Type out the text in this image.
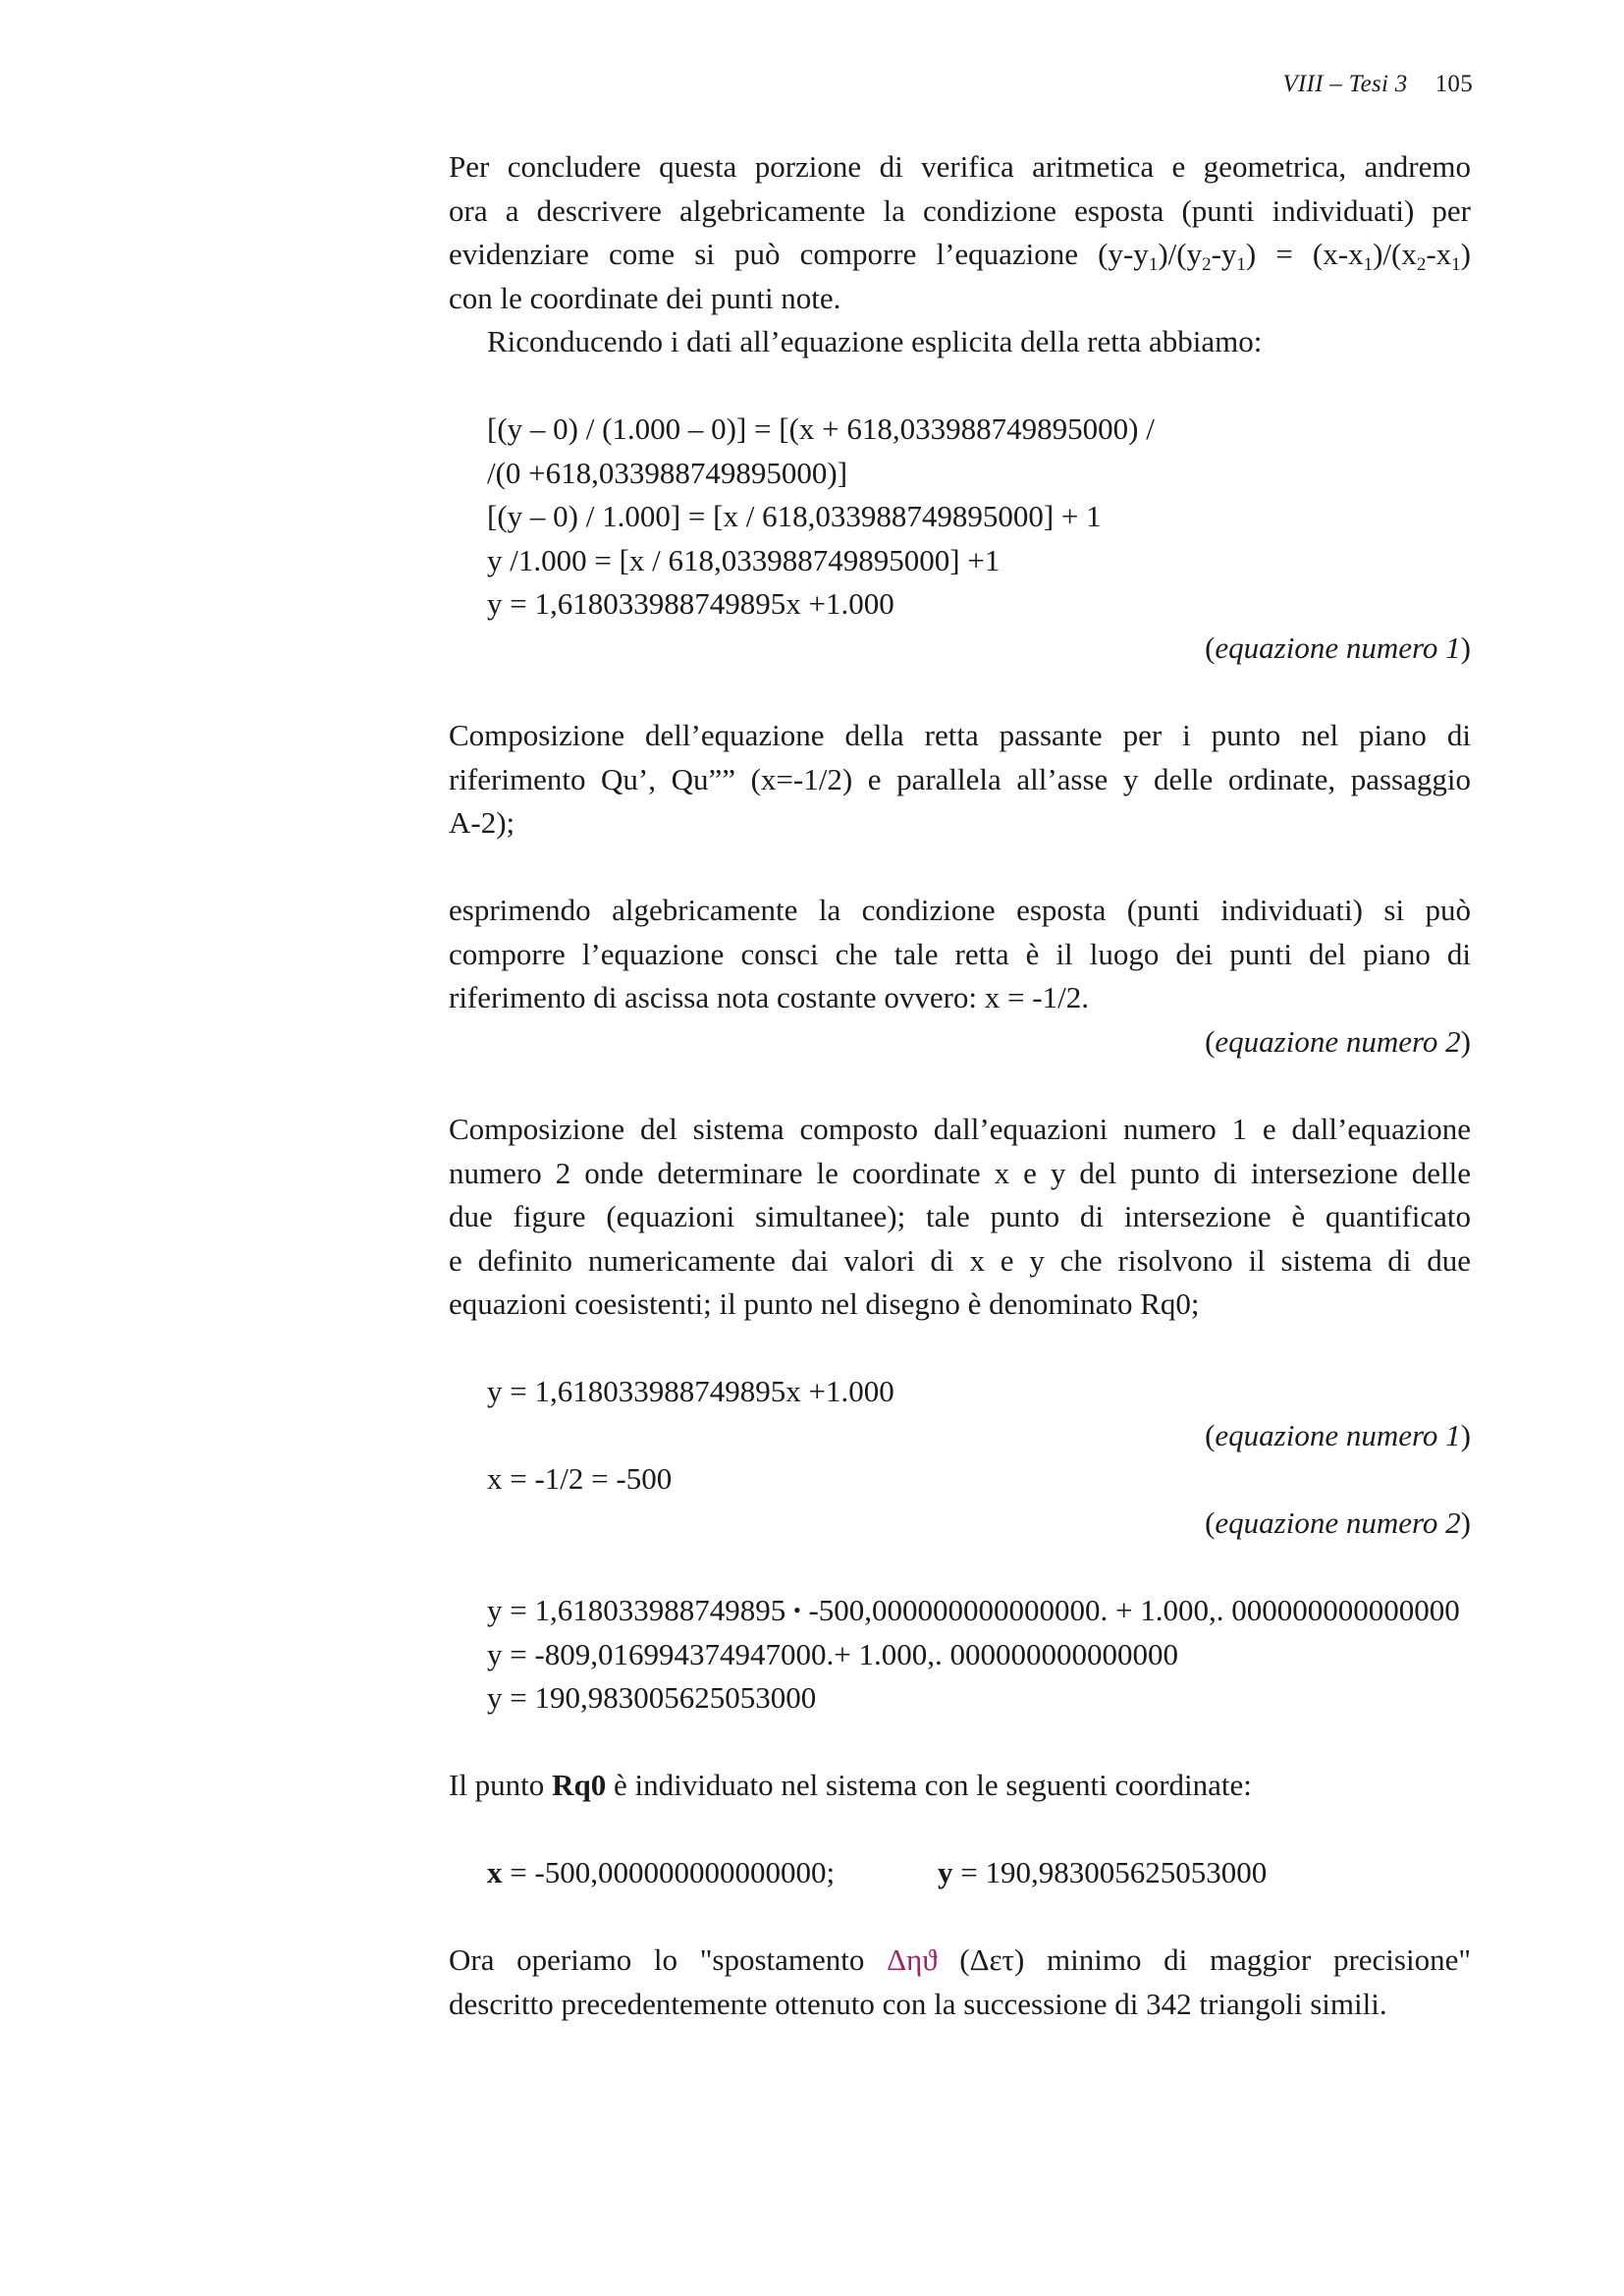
VIII – Tesi 3 105
Per concludere questa porzione di verifica aritmetica e geometrica, andremo
ora a descrivere algebricamente la condizione esposta (punti individuati) per
evidenziare come si può comporre l’equazione $(y-y_1)/(y_2-y_1) = (x-x_1)/(x_2-x_1)$
con le coordinate dei punti note.
Riconducendo i dati all’equazione esplicita della retta abbiamo:
[(y – 0) / (1.000 – 0)] = [(x + 618,033988749895000) /
/(0 +618,033988749895000)]
[(y – 0) / 1.000] = [x / 618,033988749895000] + 1
y /1.000 = [x / 618,033988749895000] +1
y = 1,618033988749895x +1.000
(equazione numero 1)
Composizione dell’equazione della retta passante per i punto nel piano di
riferimento Qu’, Qu”” (x=-1/2) e parallela all’asse y delle ordinate, passaggio
A-2);
esprimendo algebricamente la condizione esposta (punti individuati) si può
comporre l’equazione consci che tale retta è il luogo dei punti del piano di
riferimento di ascissa nota costante ovvero: x = -1/2.
(equazione numero 2)
Composizione del sistema composto dall’equazioni numero 1 e dall’equazione
numero 2 onde determinare le coordinate x e y del punto di intersezione delle
due figure (equazioni simultanee); tale punto di intersezione è quantificato
e definito numericamente dai valori di x e y che risolvono il sistema di due
equazioni coesistenti; il punto nel disegno è denominato Rq0;
y = 1,618033988749895x +1.000
(equazione numero 1)
x = -1/2 = -500
(equazione numero 2)
y = 1,618033988749895 • -500,000000000000000. + 1.000,. 000000000000000
y = -809,016994374947000.+ 1.000,. 000000000000000
y = 190,983005625053000
Il punto Rq0 è individuato nel sistema con le seguenti coordinate:
x = -500,000000000000000;	y = 190,983005625053000
Ora operiamo lo "spostamento Δηϑ (Δετ) minimo di maggior precisione"
descritto precedentemente ottenuto con la successione di 342 triangoli simili.
